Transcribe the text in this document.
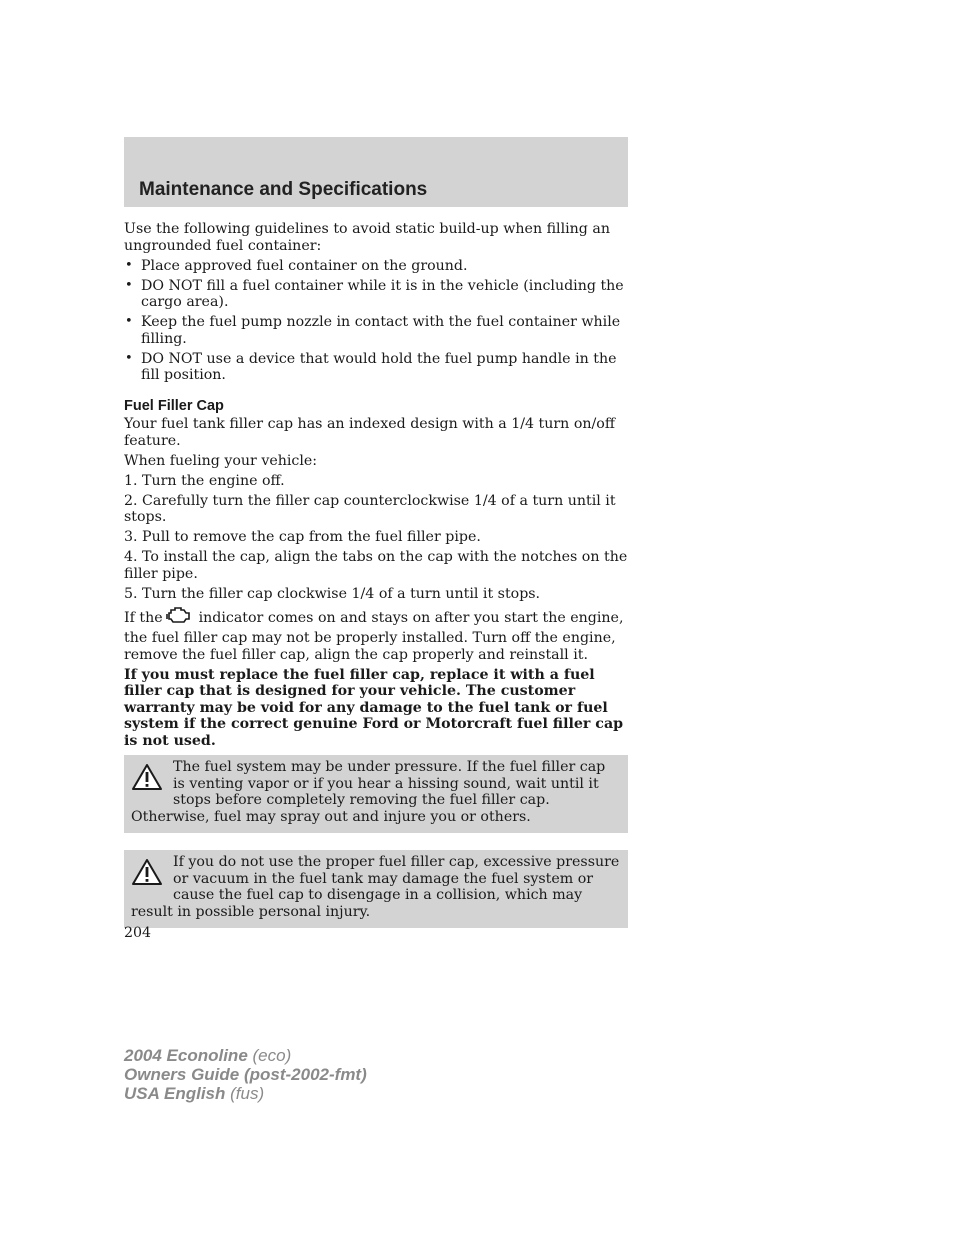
Maintenance and Specifications

Use the following guidelines to avoid static build-up when filling an ungrounded fuel container:

• Place approved fuel container on the ground.
• DO NOT fill a fuel container while it is in the vehicle (including the cargo area).
• Keep the fuel pump nozzle in contact with the fuel container while filling.
• DO NOT use a device that would hold the fuel pump handle in the fill position.
Fuel Filler Cap

Your fuel tank filler cap has an indexed design with a 1/4 turn on/off feature.

When fueling your vehicle:

1. Turn the engine off.

2. Carefully turn the filler cap counterclockwise 1/4 of a turn until it stops.

3. Pull to remove the cap from the fuel filler pipe.

4. To install the cap, align the tabs on the cap with the notches on the filler pipe.

5. Turn the filler cap clockwise 1/4 of a turn until it stops.

If the	indicator comes on and stays on after you start the engine, the fuel filler cap may not be properly installed. Turn off the engine, remove the fuel filler cap, align the cap properly and reinstall it.

If you must replace the fuel filler cap, replace it with a fuel filler cap that is designed for your vehicle. The customer warranty may be void for any damage to the fuel tank or fuel system if the correct genuine Ford or Motorcraft fuel filler cap is not used.

The fuel system may be under pressure. If the fuel filler cap is venting vapor or if you hear a hissing sound, wait until it stops before completely removing the fuel filler cap. Otherwise, fuel may spray out and injure you or others.
If you do not use the proper fuel filler cap, excessive pressure or vacuum in the fuel tank may damage the fuel system or cause the fuel cap to disengage in a collision, which may result in possible personal injury.
204
2004 Econoline (eco)
Owners Guide (post-2002-fmt)
USA English (fus)
